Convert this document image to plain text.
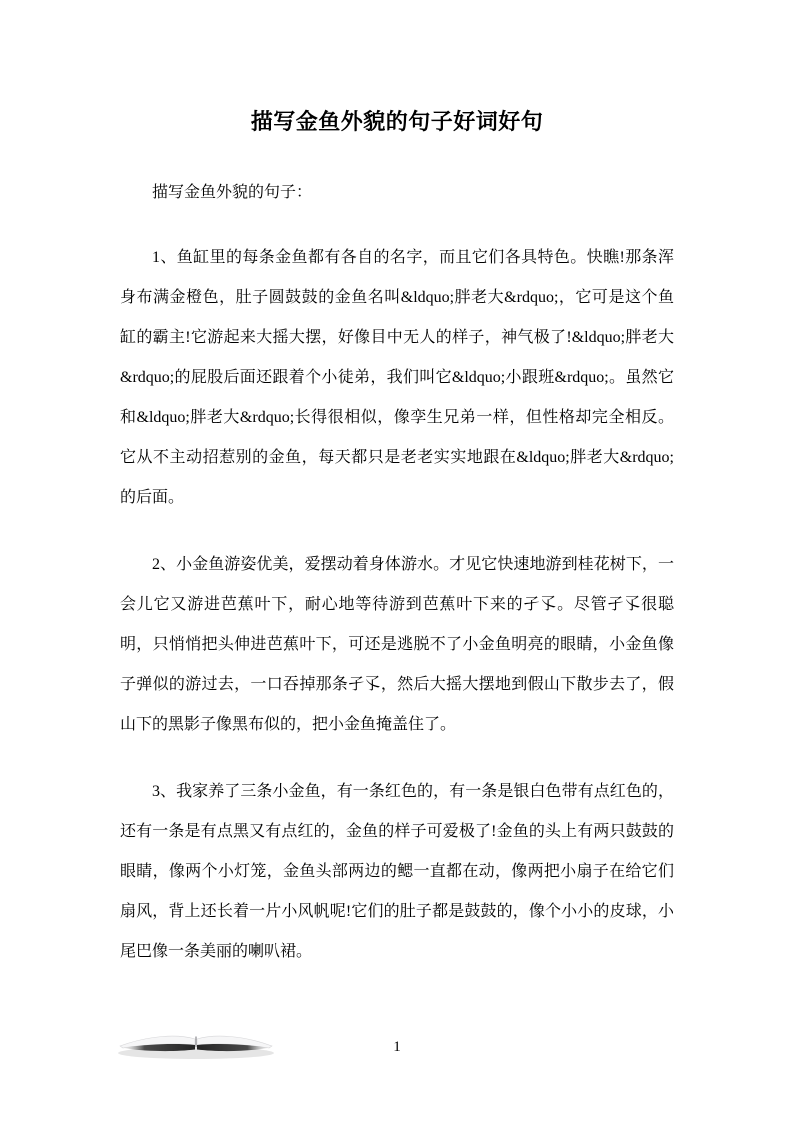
描写金鱼外貌的句子好词好句

描写金鱼外貌的句子：

1、鱼缸里的每条金鱼都有各自的名字，而且它们各具特色。快瞧!那条浑身布满金橙色，肚子圆鼓鼓的金鱼名叫&ldquo;胖老大&rdquo;，它可是这个鱼缸的霸主!它游起来大摇大摆，好像目中无人的样子，神气极了!&ldquo;胖老大&rdquo;的屁股后面还跟着个小徒弟，我们叫它&ldquo;小跟班&rdquo;。虽然它和&ldquo;胖老大&rdquo;长得很相似，像孪生兄弟一样，但性格却完全相反。它从不主动招惹别的金鱼，每天都只是老老实实地跟在&ldquo;胖老大&rdquo;的后面。

2、小金鱼游姿优美，爱摆动着身体游水。才见它快速地游到桂花树下，一会儿它又游进芭蕉叶下，耐心地等待游到芭蕉叶下来的孑孓。尽管孑孓很聪明，只悄悄把头伸进芭蕉叶下，可还是逃脱不了小金鱼明亮的眼睛，小金鱼像子弹似的游过去，一口吞掉那条孑孓，然后大摇大摆地到假山下散步去了，假山下的黑影子像黑布似的，把小金鱼掩盖住了。

3、我家养了三条小金鱼，有一条红色的，有一条是银白色带有点红色的，还有一条是有点黑又有点红的，金鱼的样子可爱极了!金鱼的头上有两只鼓鼓的眼睛，像两个小灯笼，金鱼头部两边的鳃一直都在动，像两把小扇子在给它们扇风，背上还长着一片小风帆呢!它们的肚子都是鼓鼓的，像个小小的皮球，小尾巴像一条美丽的喇叭裙。

1
